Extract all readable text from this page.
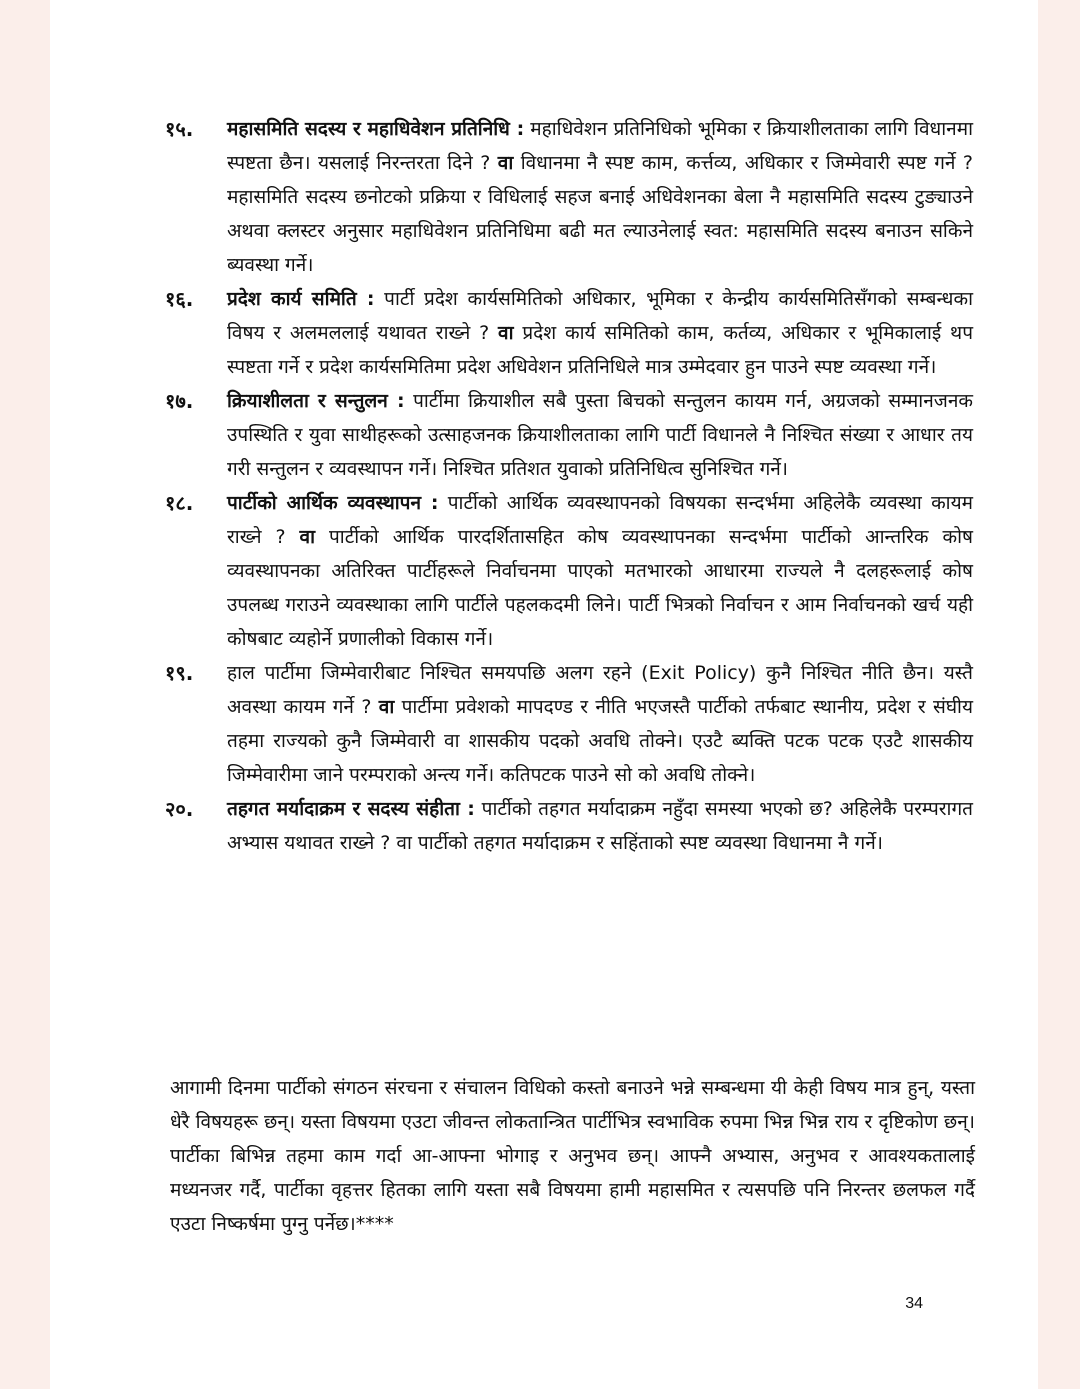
१५.	महासमिति सदस्य र महाधिवेशन प्रतिनिधि : महाधिवेशन प्रतिनिधिको भूमिका र क्रियाशीलताका लागि विधानमा स्पष्टता छैन। यसलाई निरन्तरता दिने ? वा विधानमा नै स्पष्ट काम, कर्त्तव्य, अधिकार र जिम्मेवारी स्पष्ट गर्ने ? महासमिति सदस्य छनोटको प्रक्रिया र विधिलाई सहज बनाई अधिवेशनका बेला नै महासमिति सदस्य टुङ्याउने अथवा क्लस्टर अनुसार महाधिवेशन प्रतिनिधिमा बढी मत ल्याउनेलाई स्वत: महासमिति सदस्य बनाउन सकिने ब्यवस्था गर्ने।
१६.	प्रदेश कार्य समिति : पार्टी प्रदेश कार्यसमितिको अधिकार, भूमिका र केन्द्रीय कार्यसमितिसँगको सम्बन्धका विषय र अलमललाई यथावत राख्ने ? वा प्रदेश कार्य समितिको काम, कर्तव्य, अधिकार र भूमिकालाई थप स्पष्टता गर्ने र प्रदेश कार्यसमितिमा प्रदेश अधिवेशन प्रतिनिधिले मात्र उम्मेदवार हुन पाउने स्पष्ट व्यवस्था गर्ने।
१७.	क्रियाशीलता र सन्तुलन : पार्टीमा क्रियाशील सबै पुस्ता बिचको सन्तुलन कायम गर्न, अग्रजको सम्मानजनक उपस्थिति र युवा साथीहरूको उत्साहजनक क्रियाशीलताका लागि पार्टी विधानले नै निश्चित संख्या र आधार तय गरी सन्तुलन र व्यवस्थापन गर्ने। निश्चित प्रतिशत युवाको प्रतिनिधित्व सुनिश्चित गर्ने।
१८.	पार्टीको आर्थिक व्यवस्थापन : पार्टीको आर्थिक व्यवस्थापनको विषयका सन्दर्भमा अहिलेकै व्यवस्था कायम राख्ने ? वा पार्टीको आर्थिक पारदर्शितासहित कोष व्यवस्थापनका सन्दर्भमा पार्टीको आन्तरिक कोष व्यवस्थापनका अतिरिक्त पार्टीहरूले निर्वाचनमा पाएको मतभारको आधारमा राज्यले नै दलहरूलाई कोष उपलब्ध गराउने व्यवस्थाका लागि पार्टीले पहलकदमी लिने। पार्टी भित्रको निर्वाचन र आम निर्वाचनको खर्च यही कोषबाट व्यहोर्ने प्रणालीको विकास गर्ने।
१९.	हाल पार्टीमा जिम्मेवारीबाट निश्चित समयपछि अलग रहने (Exit Policy) कुनै निश्चित नीति छैन। यस्तै अवस्था कायम गर्ने ? वा पार्टीमा प्रवेशको मापदण्ड र नीति भएजस्तै पार्टीको तर्फबाट स्थानीय, प्रदेश र संघीय तहमा राज्यको कुनै जिम्मेवारी वा शासकीय पदको अवधि तोक्ने। एउटै ब्यक्ति पटक पटक एउटै शासकीय जिम्मेवारीमा जाने परम्पराको अन्त्य गर्ने। कतिपटक पाउने सो को अवधि तोक्ने।
२०.	तहगत मर्यादाक्रम र सदस्य संहीता : पार्टीको तहगत मर्यादाक्रम नहुँदा समस्या भएको छ? अहिलेकै परम्परागत अभ्यास यथावत राख्ने ? वा पार्टीको तहगत मर्यादाक्रम र सहिंताको स्पष्ट व्यवस्था विधानमा नै गर्ने।

आगामी दिनमा पार्टीको संगठन संरचना र संचालन विधिको कस्तो बनाउने भन्ने सम्बन्धमा यी केही विषय मात्र हुन्, यस्ता धेरै विषयहरू छन्। यस्ता विषयमा एउटा जीवन्त लोकतान्त्रित पार्टीभित्र स्वभाविक रुपमा भिन्न भिन्न राय र दृष्टिकोण छन्। पार्टीका बिभिन्न तहमा काम गर्दा आ-आफ्ना भोगाइ र अनुभव छन्। आफ्नै अभ्यास, अनुभव र आवश्यकतालाई मध्यनजर गर्दै, पार्टीका वृहत्तर हितका लागि यस्ता सबै विषयमा हामी महासमित र त्यसपछि पनि निरन्तर छलफल गर्दै एउटा निष्कर्षमा पुग्नु पर्नेछ।****

34
